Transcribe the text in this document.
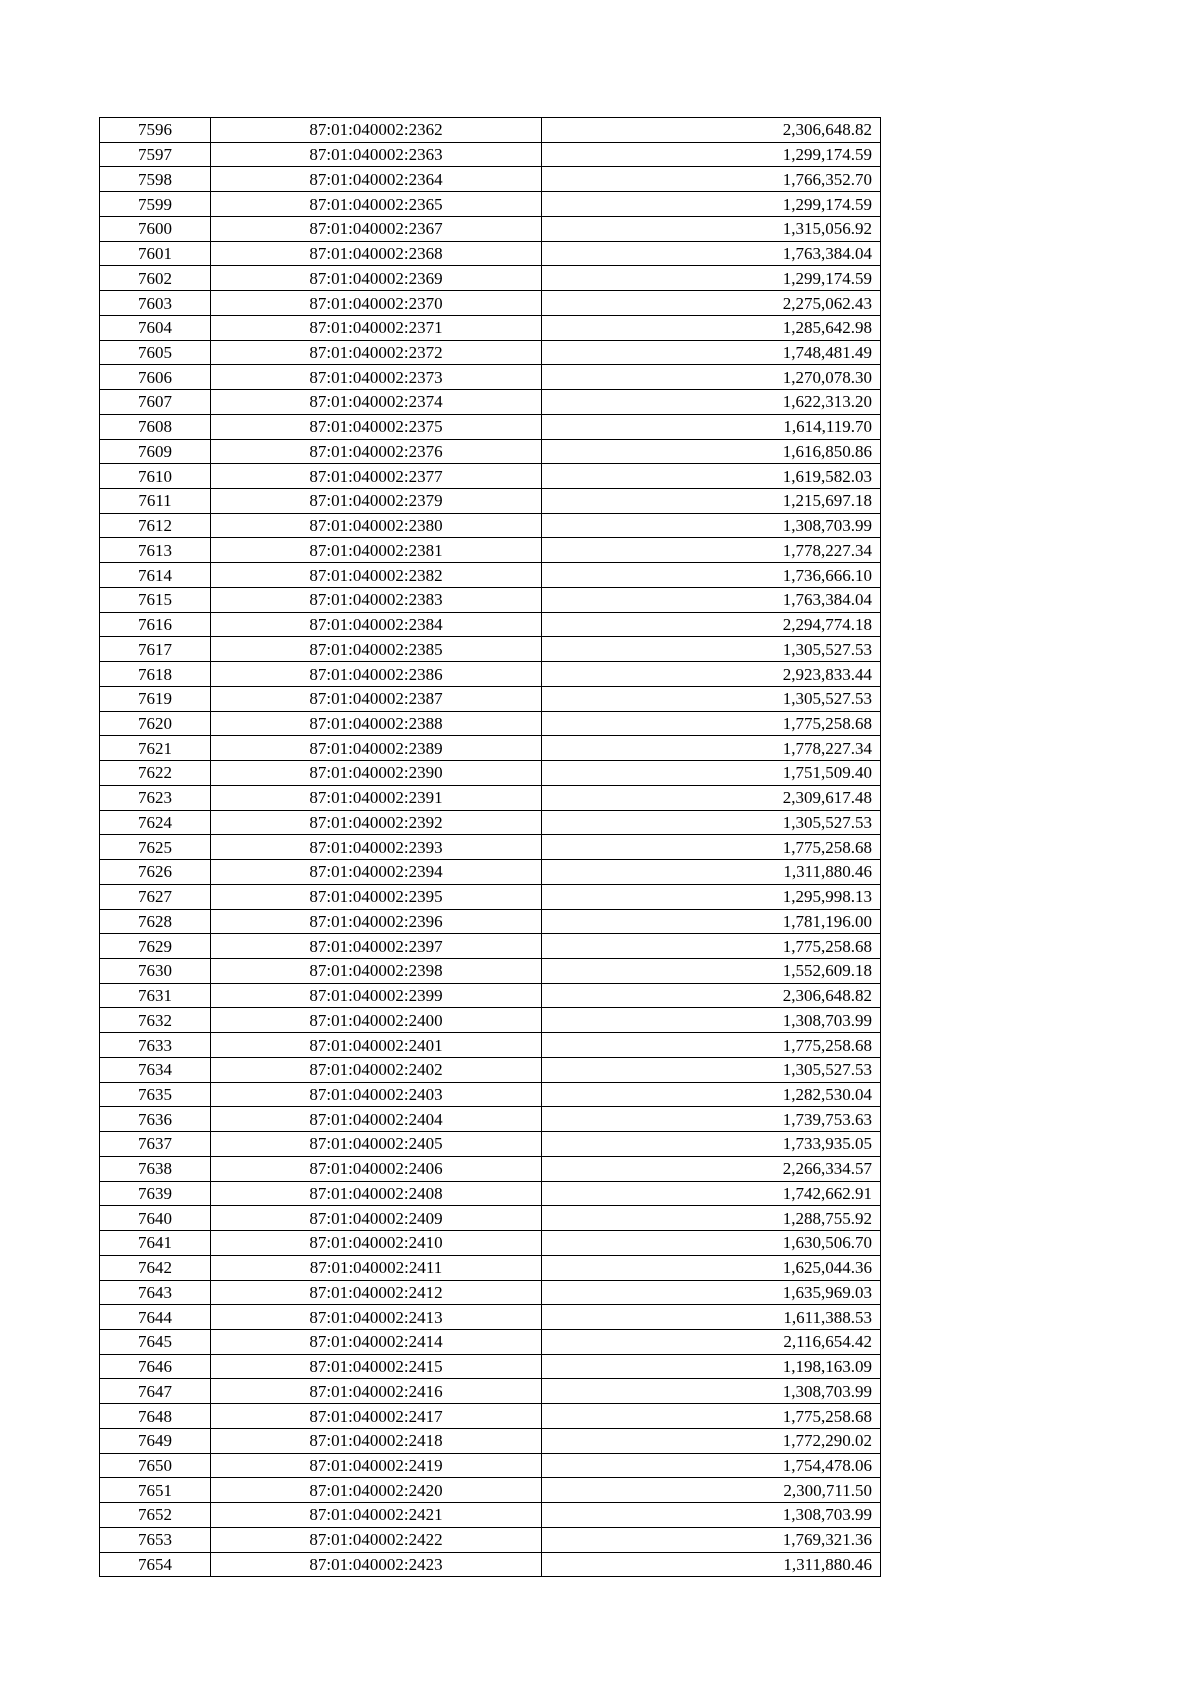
7596	87:01:040002:2362	2,306,648.82
7597	87:01:040002:2363	1,299,174.59
7598	87:01:040002:2364	1,766,352.70
7599	87:01:040002:2365	1,299,174.59
7600	87:01:040002:2367	1,315,056.92
7601	87:01:040002:2368	1,763,384.04
7602	87:01:040002:2369	1,299,174.59
7603	87:01:040002:2370	2,275,062.43
7604	87:01:040002:2371	1,285,642.98
7605	87:01:040002:2372	1,748,481.49
7606	87:01:040002:2373	1,270,078.30
7607	87:01:040002:2374	1,622,313.20
7608	87:01:040002:2375	1,614,119.70
7609	87:01:040002:2376	1,616,850.86
7610	87:01:040002:2377	1,619,582.03
7611	87:01:040002:2379	1,215,697.18
7612	87:01:040002:2380	1,308,703.99
7613	87:01:040002:2381	1,778,227.34
7614	87:01:040002:2382	1,736,666.10
7615	87:01:040002:2383	1,763,384.04
7616	87:01:040002:2384	2,294,774.18
7617	87:01:040002:2385	1,305,527.53
7618	87:01:040002:2386	2,923,833.44
7619	87:01:040002:2387	1,305,527.53
7620	87:01:040002:2388	1,775,258.68
7621	87:01:040002:2389	1,778,227.34
7622	87:01:040002:2390	1,751,509.40
7623	87:01:040002:2391	2,309,617.48
7624	87:01:040002:2392	1,305,527.53
7625	87:01:040002:2393	1,775,258.68
7626	87:01:040002:2394	1,311,880.46
7627	87:01:040002:2395	1,295,998.13
7628	87:01:040002:2396	1,781,196.00
7629	87:01:040002:2397	1,775,258.68
7630	87:01:040002:2398	1,552,609.18
7631	87:01:040002:2399	2,306,648.82
7632	87:01:040002:2400	1,308,703.99
7633	87:01:040002:2401	1,775,258.68
7634	87:01:040002:2402	1,305,527.53
7635	87:01:040002:2403	1,282,530.04
7636	87:01:040002:2404	1,739,753.63
7637	87:01:040002:2405	1,733,935.05
7638	87:01:040002:2406	2,266,334.57
7639	87:01:040002:2408	1,742,662.91
7640	87:01:040002:2409	1,288,755.92
7641	87:01:040002:2410	1,630,506.70
7642	87:01:040002:2411	1,625,044.36
7643	87:01:040002:2412	1,635,969.03
7644	87:01:040002:2413	1,611,388.53
7645	87:01:040002:2414	2,116,654.42
7646	87:01:040002:2415	1,198,163.09
7647	87:01:040002:2416	1,308,703.99
7648	87:01:040002:2417	1,775,258.68
7649	87:01:040002:2418	1,772,290.02
7650	87:01:040002:2419	1,754,478.06
7651	87:01:040002:2420	2,300,711.50
7652	87:01:040002:2421	1,308,703.99
7653	87:01:040002:2422	1,769,321.36
7654	87:01:040002:2423	1,311,880.46
